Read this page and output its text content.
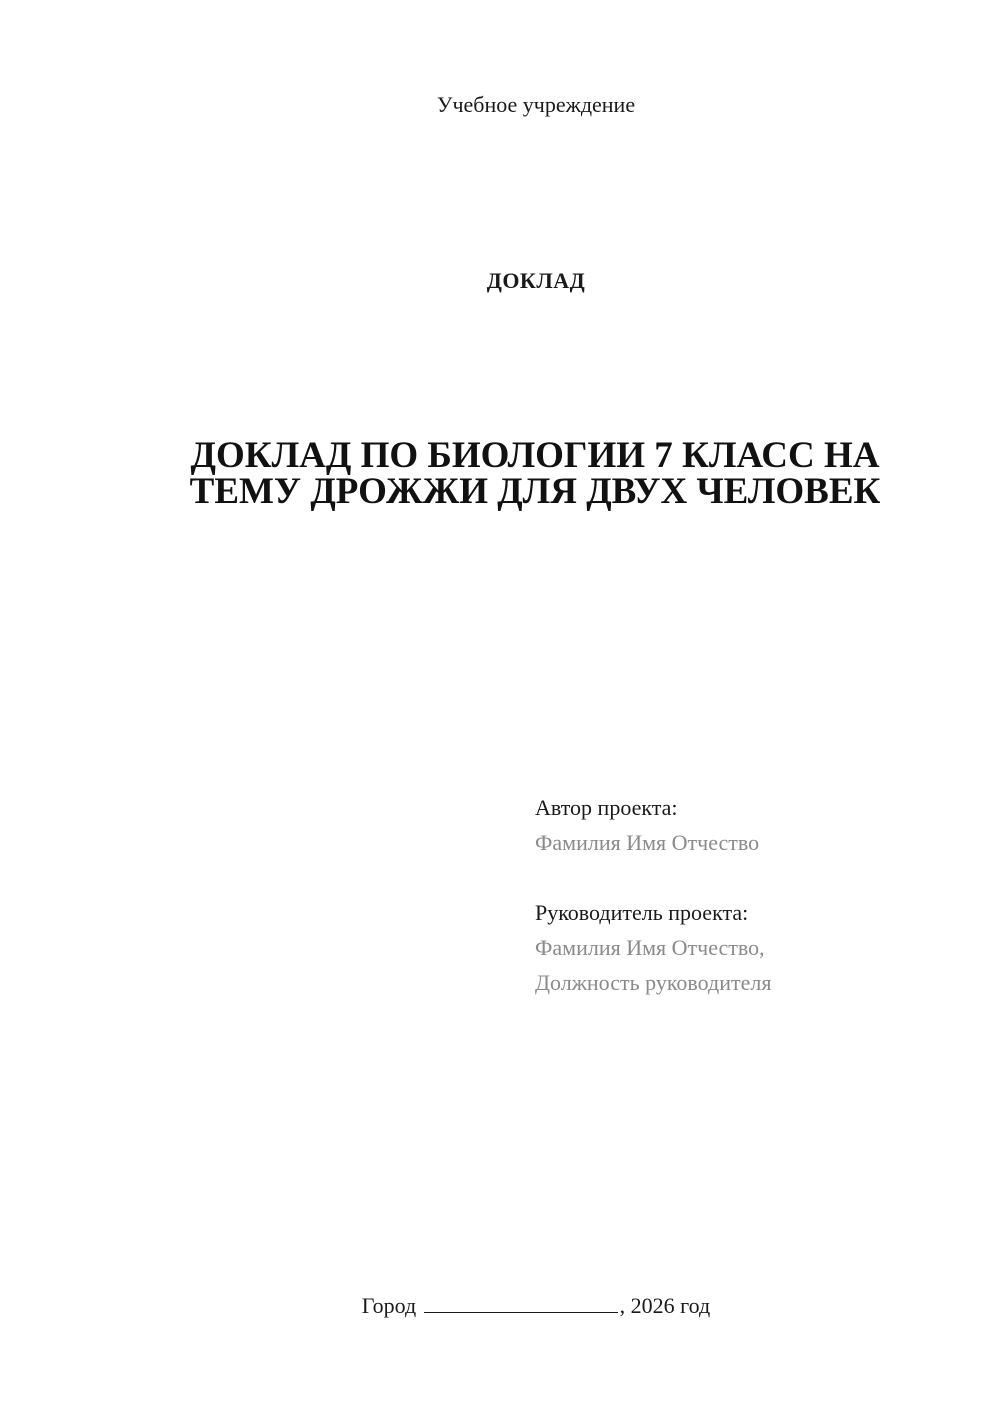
Учебное учреждение
ДОКЛАД
ДОКЛАД ПО БИОЛОГИИ 7 КЛАСС НА
ТЕМУ ДРОЖЖИ ДЛЯ ДВУХ ЧЕЛОВЕК
Автор проекта:
Фамилия Имя Отчество
Руководитель проекта:
Фамилия Имя Отчество,
Должность руководителя
Город	, 2026 год
